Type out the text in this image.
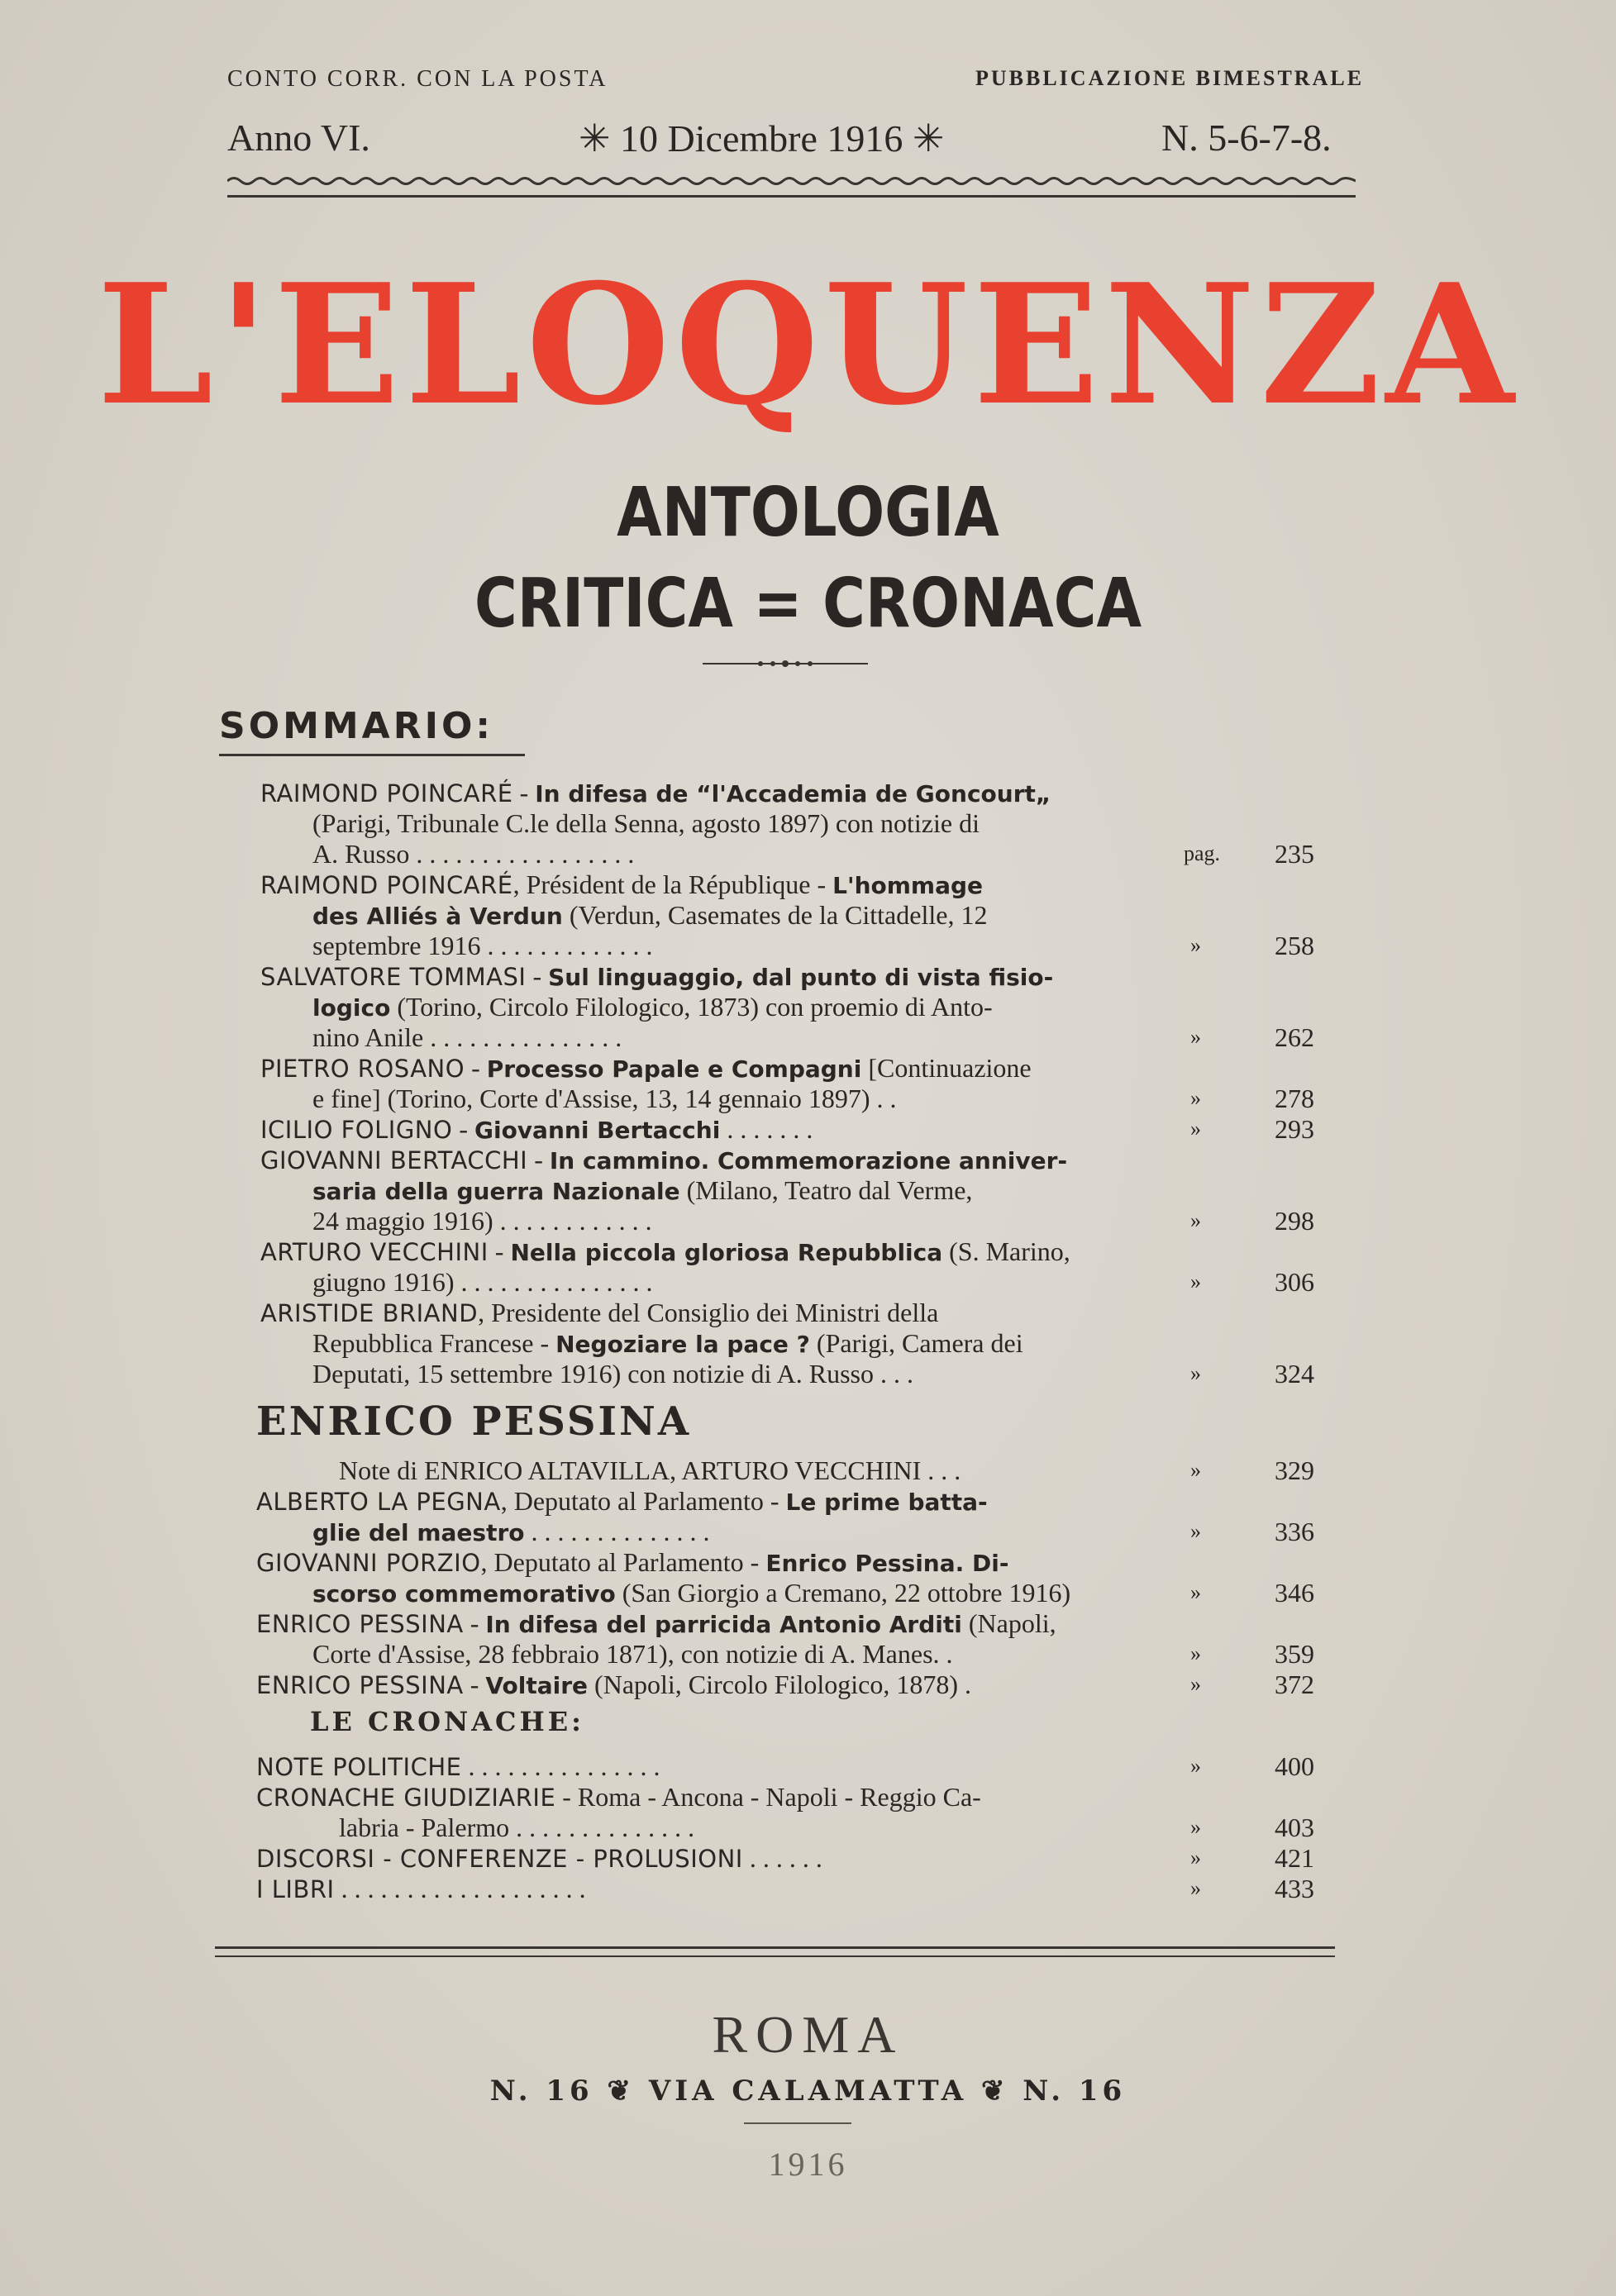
CONTO CORR. CON LA POSTA	PUBBLICAZIONE BIMESTRALE
Anno VI.	✳ 10 Dicembre 1916 ✳	N. 5-6-7-8.
L'ELOQUENZA
ANTOLOGIA
CRITICA = CRONACA
SOMMARIO:
RAIMOND POINCARÉ - In difesa de “l'Accademia de Goncourt„
(Parigi, Tribunale C.le della Senna, agosto 1897) con notizie di
A. Russo . . . . . . . . . . . . . . . . .	pag.	235
RAIMOND POINCARÉ, Président de la République - L'hommage
des Alliés à Verdun (Verdun, Casemates de la Cittadelle, 12
septembre 1916 . . . . . . . . . . . . .	»	258
SALVATORE TOMMASI - Sul linguaggio, dal punto di vista fisio-
logico (Torino, Circolo Filologico, 1873) con proemio di Anto-
nino Anile . . . . . . . . . . . . . . .	»	262
PIETRO ROSANO - Processo Papale e Compagni [Continuazione
e fine] (Torino, Corte d'Assise, 13, 14 gennaio 1897) . .	»	278
ICILIO FOLIGNO - Giovanni Bertacchi . . . . . . .	»	293
GIOVANNI BERTACCHI - In cammino. Commemorazione anniver-
saria della guerra Nazionale (Milano, Teatro dal Verme,
24 maggio 1916) . . . . . . . . . . . .	»	298
ARTURO VECCHINI - Nella piccola gloriosa Repubblica (S. Marino,
giugno 1916) . . . . . . . . . . . . . . .	»	306
ARISTIDE BRIAND, Presidente del Consiglio dei Ministri della
Repubblica Francese - Negoziare la pace ? (Parigi, Camera dei
Deputati, 15 settembre 1916) con notizie di A. Russo . . .	»	324
ENRICO PESSINA
Note di ENRICO ALTAVILLA, ARTURO VECCHINI . . .	»	329
ALBERTO LA PEGNA, Deputato al Parlamento - Le prime batta-
glie del maestro . . . . . . . . . . . . . .	»	336
GIOVANNI PORZIO, Deputato al Parlamento - Enrico Pessina. Di-
scorso commemorativo (San Giorgio a Cremano, 22 ottobre 1916)	»	346
ENRICO PESSINA - In difesa del parricida Antonio Arditi (Napoli,
Corte d'Assise, 28 febbraio 1871), con notizie di A. Manes. .	»	359
ENRICO PESSINA - Voltaire (Napoli, Circolo Filologico, 1878) .	»	372
LE CRONACHE:
NOTE POLITICHE . . . . . . . . . . . . . . .	»	400
CRONACHE GIUDIZIARIE - Roma - Ancona - Napoli - Reggio Ca-
labria - Palermo . . . . . . . . . . . . . .	»	403
DISCORSI - CONFERENZE - PROLUSIONI . . . . . .	»	421
I LIBRI . . . . . . . . . . . . . . . . . . .	»	433
ROMA
N. 16 ❦ VIA CALAMATTA ❦ N. 16
1916
